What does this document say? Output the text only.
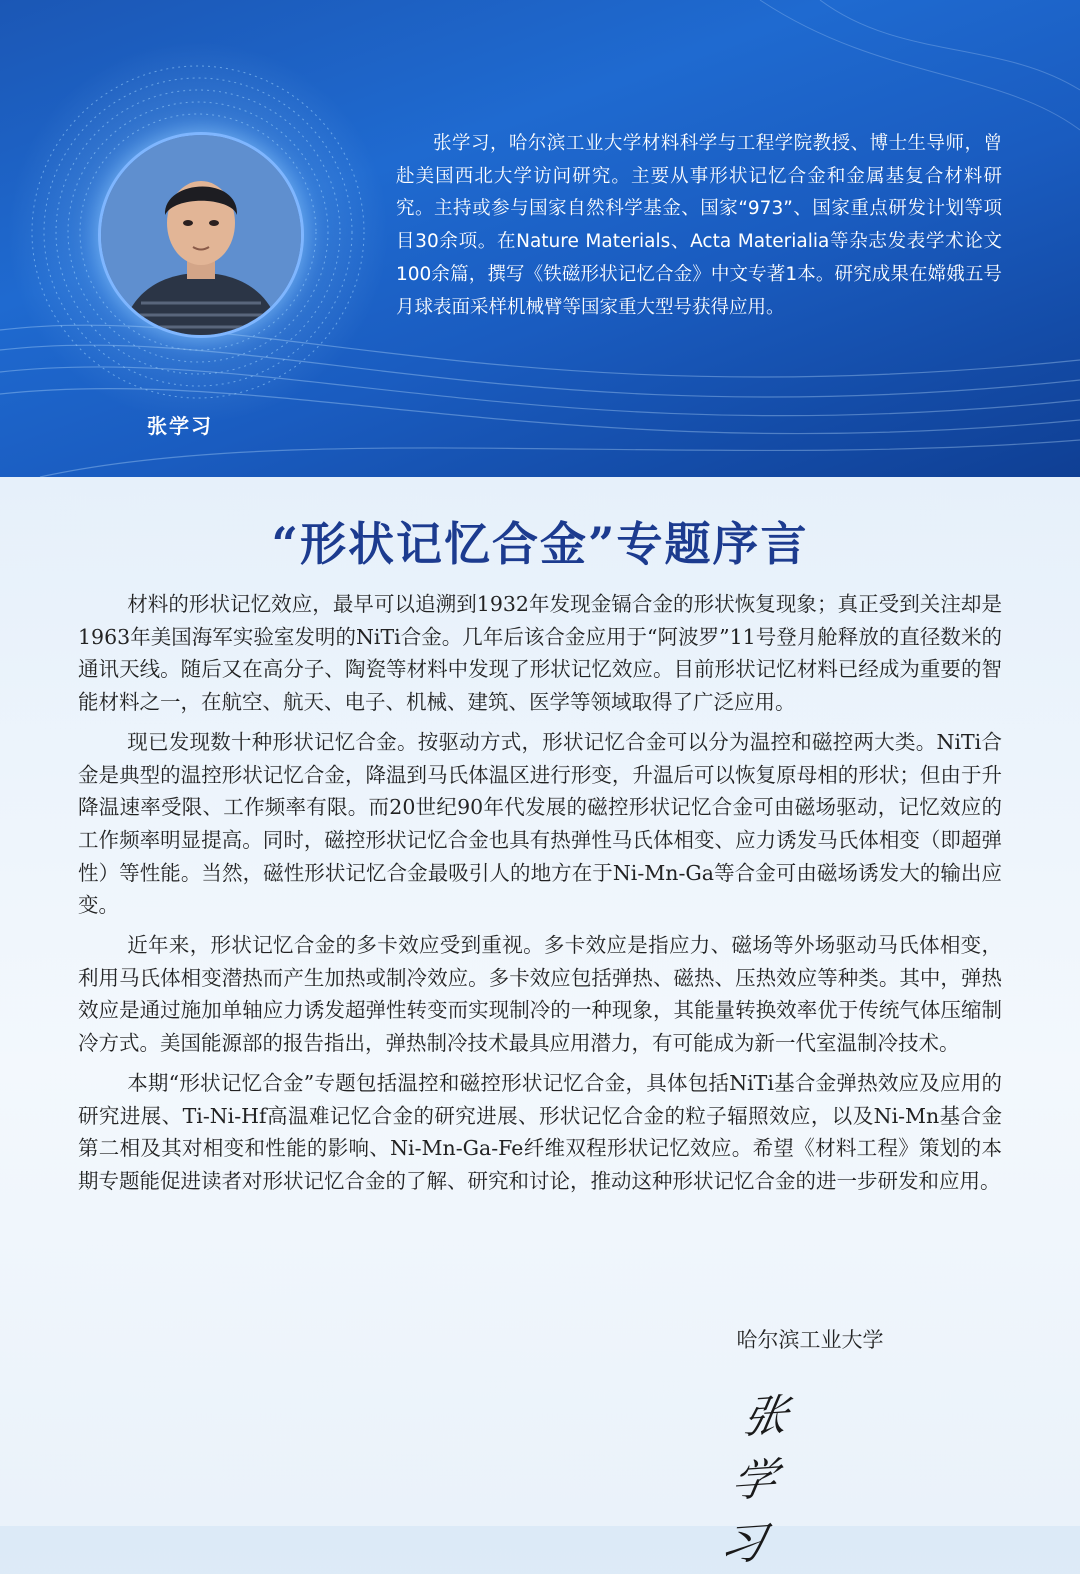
张学习

张学习，哈尔滨工业大学材料科学与工程学院教授、博士生导师，曾赴美国西北大学访问研究。主要从事形状记忆合金和金属基复合材料研究。主持或参与国家自然科学基金、国家“973”、国家重点研发计划等项目30余项。在Nature Materials、Acta Materialia等杂志发表学术论文100余篇，撰写《铁磁形状记忆合金》中文专著1本。研究成果在嫦娥五号月球表面采样机械臂等国家重大型号获得应用。

“形状记忆合金”专题序言

材料的形状记忆效应，最早可以追溯到1932年发现金镉合金的形状恢复现象；真正受到关注却是1963年美国海军实验室发明的NiTi合金。几年后该合金应用于“阿波罗”11号登月舱释放的直径数米的通讯天线。随后又在高分子、陶瓷等材料中发现了形状记忆效应。目前形状记忆材料已经成为重要的智能材料之一，在航空、航天、电子、机械、建筑、医学等领域取得了广泛应用。

现已发现数十种形状记忆合金。按驱动方式，形状记忆合金可以分为温控和磁控两大类。NiTi合金是典型的温控形状记忆合金，降温到马氏体温区进行形变，升温后可以恢复原母相的形状；但由于升降温速率受限、工作频率有限。而20世纪90年代发展的磁控形状记忆合金可由磁场驱动，记忆效应的工作频率明显提高。同时，磁控形状记忆合金也具有热弹性马氏体相变、应力诱发马氏体相变（即超弹性）等性能。当然，磁性形状记忆合金最吸引人的地方在于Ni-Mn-Ga等合金可由磁场诱发大的输出应变。

近年来，形状记忆合金的多卡效应受到重视。多卡效应是指应力、磁场等外场驱动马氏体相变，利用马氏体相变潜热而产生加热或制冷效应。多卡效应包括弹热、磁热、压热效应等种类。其中，弹热效应是通过施加单轴应力诱发超弹性转变而实现制冷的一种现象，其能量转换效率优于传统气体压缩制冷方式。美国能源部的报告指出，弹热制冷技术最具应用潜力，有可能成为新一代室温制冷技术。

本期“形状记忆合金”专题包括温控和磁控形状记忆合金，具体包括NiTi基合金弹热效应及应用的研究进展、Ti-Ni-Hf高温难记忆合金的研究进展、形状记忆合金的粒子辐照效应，以及Ni-Mn基合金第二相及其对相变和性能的影响、Ni-Mn-Ga-Fe纤维双程形状记忆效应。希望《材料工程》策划的本期专题能促进读者对形状记忆合金的了解、研究和讨论，推动这种形状记忆合金的进一步研发和应用。

哈尔滨工业大学
张学习
